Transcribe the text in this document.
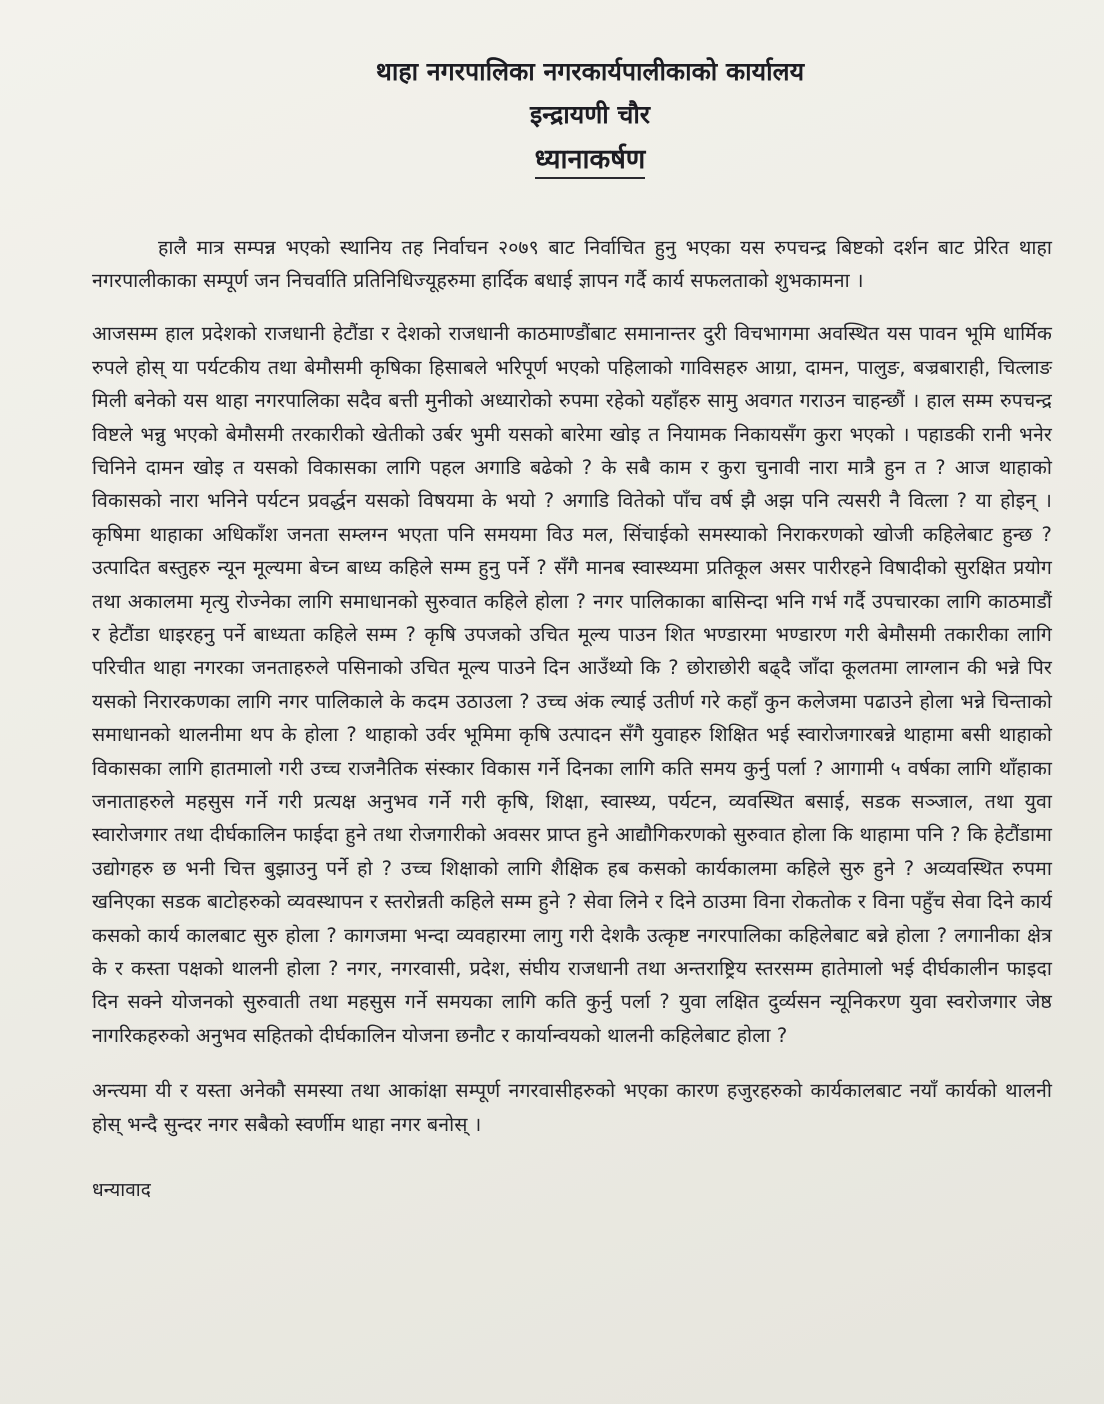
थाहा नगरपालिका नगरकार्यपालीकाको कार्यालय
इन्द्रायणी चौर
ध्यानाकर्षण

हालै मात्र सम्पन्न भएको स्थानिय तह निर्वाचन २०७९ बाट निर्वाचित हुनु भएका यस रुपचन्द्र बिष्टको दर्शन बाट प्रेरित थाहा नगरपालीकाका सम्पूर्ण जन निचर्वाति प्रतिनिधिज्यूहरुमा हार्दिक बधाई ज्ञापन गर्दै कार्य सफलताको शुभकामना ।

आजसम्म हाल प्रदेशको राजधानी हेटौंडा र देशको राजधानी काठमाण्डौंबाट समानान्तर दुरी विचभागमा अवस्थित यस पावन भूमि धार्मिक रुपले होस् या पर्यटकीय तथा बेमौसमी कृषिका हिसाबले भरिपूर्ण भएको पहिलाको गाविसहरु आग्रा, दामन, पालुङ, बज्रबाराही, चित्लाङ मिली बनेको यस थाहा नगरपालिका सदैव बत्ती मुनीको अध्यारोको रुपमा रहेको यहाँहरु सामु अवगत गराउन चाहन्छौं । हाल सम्म रुपचन्द्र विष्टले भन्नु भएको बेमौसमी तरकारीको खेतीको उर्बर भुमी यसको बारेमा खोइ त नियामक निकायसँग कुरा भएको । पहाडकी रानी भनेर चिनिने दामन खोइ त यसको विकासका लागि पहल अगाडि बढेको ? के सबै काम र कुरा चुनावी नारा मात्रै हुन त ? आज थाहाको विकासको नारा भनिने पर्यटन प्रवर्द्धन यसको विषयमा के भयो ? अगाडि वितेको पाँच वर्ष झै अझ पनि त्यसरी नै वित्ला ? या होइन् । कृषिमा थाहाका अधिकाँश जनता सम्लग्न भएता पनि समयमा विउ मल, सिंचाईको समस्याको निराकरणको खोजी कहिलेबाट हुन्छ ? उत्पादित बस्तुहरु न्यून मूल्यमा बेच्न बाध्य कहिले सम्म हुनु पर्ने ? सँगै मानब स्वास्थ्यमा प्रतिकूल असर पारीरहने विषादीको सुरक्षित प्रयोग तथा अकालमा मृत्यु रोज्नेका लागि समाधानको सुरुवात कहिले होला ? नगर पालिकाका बासिन्दा भनि गर्भ गर्दै उपचारका लागि काठमाडौं र हेटौंडा धाइरहनु पर्ने बाध्यता कहिले सम्म ? कृषि उपजको उचित मूल्य पाउन शित भण्डारमा भण्डारण गरी बेमौसमी तकारीका लागि परिचीत थाहा नगरका जनताहरुले पसिनाको उचित मूल्य पाउने दिन आउँथ्यो कि ? छोराछोरी बढ्दै जाँदा कूलतमा लाग्लान की भन्ने पिर यसको निरारकणका लागि नगर पालिकाले के कदम उठाउला ? उच्च अंक ल्याई उतीर्ण गरे कहाँ कुन कलेजमा पढाउने होला भन्ने चिन्ताको समाधानको थालनीमा थप के होला ? थाहाको उर्वर भूमिमा कृषि उत्पादन सँगै युवाहरु शिक्षित भई स्वारोजगारबन्ने थाहामा बसी थाहाको विकासका लागि हातमालो गरी उच्च राजनैतिक संस्कार विकास गर्ने दिनका लागि कति समय कुर्नु पर्ला ? आगामी ५ वर्षका लागि थाँहाका जनाताहरुले महसुस गर्ने गरी प्रत्यक्ष अनुभव गर्ने गरी कृषि, शिक्षा, स्वास्थ्य, पर्यटन, व्यवस्थित बसाई, सडक सञ्जाल, तथा युवा स्वारोजगार तथा दीर्घकालिन फाईदा हुने तथा रोजगारीको अवसर प्राप्त हुने आद्यौगिकरणको सुरुवात होला कि थाहामा पनि ? कि हेटौंडामा उद्योगहरु छ भनी चित्त बुझाउनु पर्ने हो ? उच्च शिक्षाको लागि शैक्षिक हब कसको कार्यकालमा कहिले सुरु हुने ? अव्यवस्थित रुपमा खनिएका सडक बाटोहरुको व्यवस्थापन र स्तरोन्नती कहिले सम्म हुने ? सेवा लिने र दिने ठाउमा विना रोकतोक र विना पहुँच सेवा दिने कार्य कसको कार्य कालबाट सुरु होला ? कागजमा भन्दा व्यवहारमा लागु गरी देशकै उत्कृष्ट नगरपालिका कहिलेबाट बन्ने होला ? लगानीका क्षेत्र के र कस्ता पक्षको थालनी होला ? नगर, नगरवासी, प्रदेश, संघीय राजधानी तथा अन्तराष्ट्रिय स्तरसम्म हातेमालो भई दीर्घकालीन फाइदा दिन सक्ने योजनको सुरुवाती तथा महसुस गर्ने समयका लागि कति कुर्नु पर्ला ? युवा लक्षित दुर्व्यसन न्यूनिकरण युवा स्वरोजगार जेष्ठ नागरिकहरुको अनुभव सहितको दीर्घकालिन योजना छनौट र कार्यान्वयको थालनी कहिलेबाट होला ?

अन्त्यमा यी र यस्ता अनेकौ समस्या तथा आकांक्षा सम्पूर्ण नगरवासीहरुको भएका कारण हजुरहरुको कार्यकालबाट नयाँ कार्यको थालनी होस् भन्दै सुन्दर नगर सबैको स्वर्णीम थाहा नगर बनोस् ।

धन्यावाद
